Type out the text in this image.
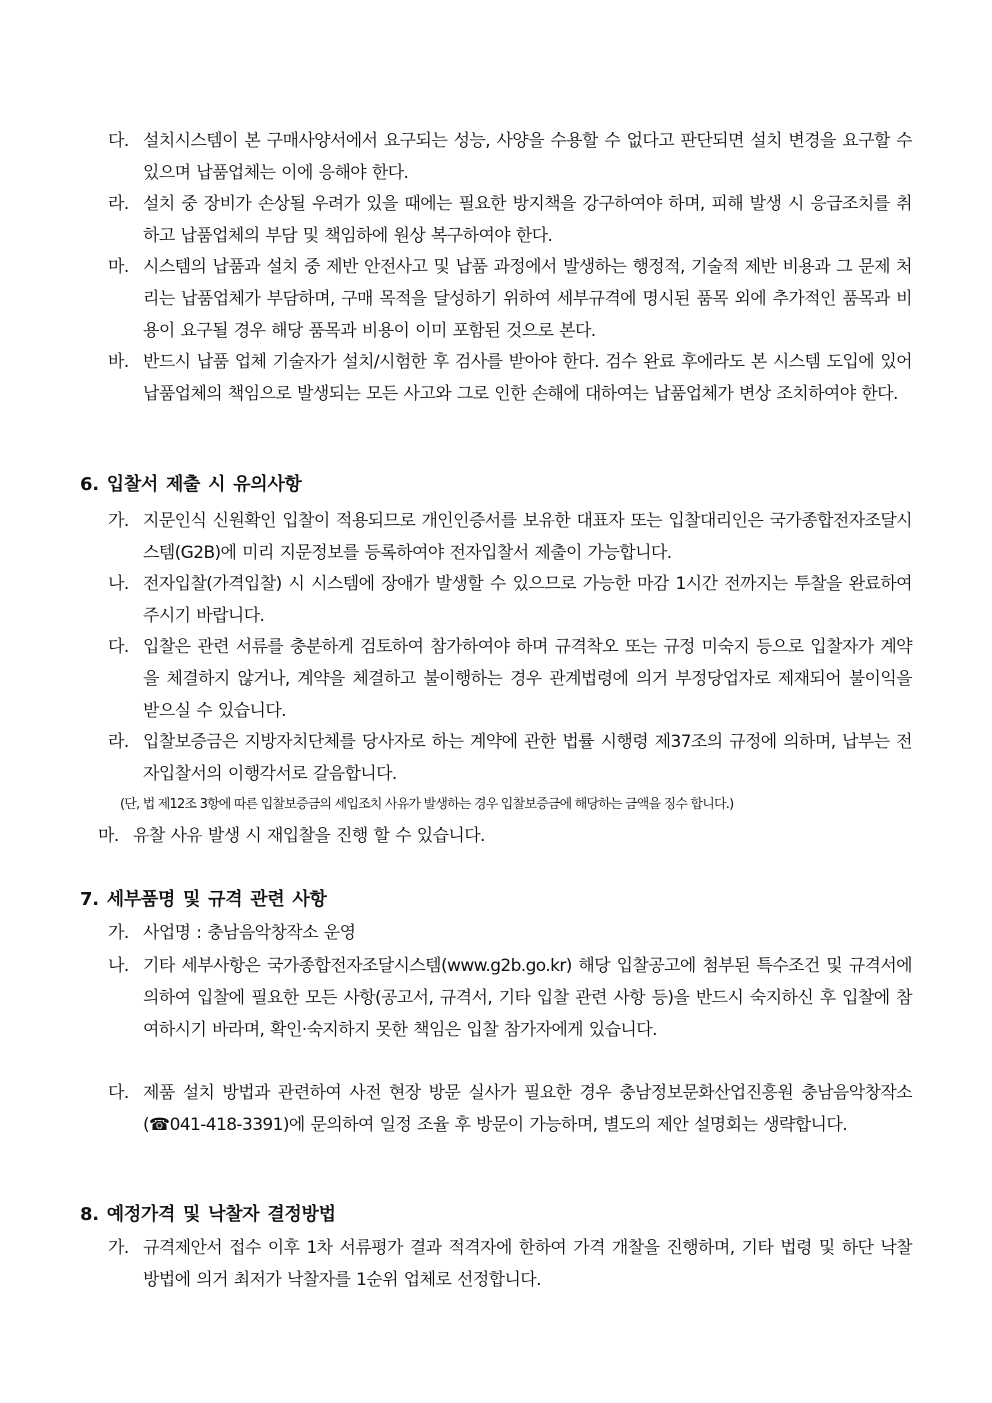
다. 설치시스템이 본 구매사양서에서 요구되는 성능, 사양을 수용할 수 없다고 판단되면 설치 변경을 요구할 수 있으며 납품업체는 이에 응해야 한다.
라. 설치 중 장비가 손상될 우려가 있을 때에는 필요한 방지책을 강구하여야 하며, 피해 발생 시 응급조치를 취하고 납품업체의 부담 및 책임하에 원상 복구하여야 한다.
마. 시스템의 납품과 설치 중 제반 안전사고 및 납품 과정에서 발생하는 행정적, 기술적 제반 비용과 그 문제 처리는 납품업체가 부담하며, 구매 목적을 달성하기 위하여 세부규격에 명시된 품목 외에 추가적인 품목과 비용이 요구될 경우 해당 품목과 비용이 이미 포함된 것으로 본다.
바. 반드시 납품 업체 기술자가 설치/시험한 후 검사를 받아야 한다. 검수 완료 후에라도 본 시스템 도입에 있어 납품업체의 책임으로 발생되는 모든 사고와 그로 인한 손해에 대하여는 납품업체가 변상 조치하여야 한다.
6. 입찰서 제출 시 유의사항
가. 지문인식 신원확인 입찰이 적용되므로 개인인증서를 보유한 대표자 또는 입찰대리인은 국가종합전자조달시스템(G2B)에 미리 지문정보를 등록하여야 전자입찰서 제출이 가능합니다.
나. 전자입찰(가격입찰) 시 시스템에 장애가 발생할 수 있으므로 가능한 마감 1시간 전까지는 투찰을 완료하여 주시기 바랍니다.
다. 입찰은 관련 서류를 충분하게 검토하여 참가하여야 하며 규격착오 또는 규정 미숙지 등으로 입찰자가 계약을 체결하지 않거나, 계약을 체결하고 불이행하는 경우 관계법령에 의거 부정당업자로 제재되어 불이익을 받으실 수 있습니다.
라. 입찰보증금은 지방자치단체를 당사자로 하는 계약에 관한 법률 시행령 제37조의 규정에 의하며, 납부는 전자입찰서의 이행각서로 갈음합니다.
(단, 법 제12조 3항에 따른 입찰보증금의 세입조치 사유가 발생하는 경우 입찰보증금에 해당하는 금액을 징수 합니다.)
마. 유찰 사유 발생 시 재입찰을 진행 할 수 있습니다.
7. 세부품명 및 규격 관련 사항
가. 사업명 : 충남음악창작소 운영
나. 기타 세부사항은 국가종합전자조달시스템(www.g2b.go.kr) 해당 입찰공고에 첨부된 특수조건 및 규격서에 의하여 입찰에 필요한 모든 사항(공고서, 규격서, 기타 입찰 관련 사항 등)을 반드시 숙지하신 후 입찰에 참여하시기 바라며, 확인·숙지하지 못한 책임은 입찰 참가자에게 있습니다.
다. 제품 설치 방법과 관련하여 사전 현장 방문 실사가 필요한 경우 충남정보문화산업진흥원 충남음악창작소(☎041-418-3391)에 문의하여 일정 조율 후 방문이 가능하며, 별도의 제안 설명회는 생략합니다.
8. 예정가격 및 낙찰자 결정방법
가. 규격제안서 접수 이후 1차 서류평가 결과 적격자에 한하여 가격 개찰을 진행하며, 기타 법령 및 하단 낙찰 방법에 의거 최저가 낙찰자를 1순위 업체로 선정합니다.
